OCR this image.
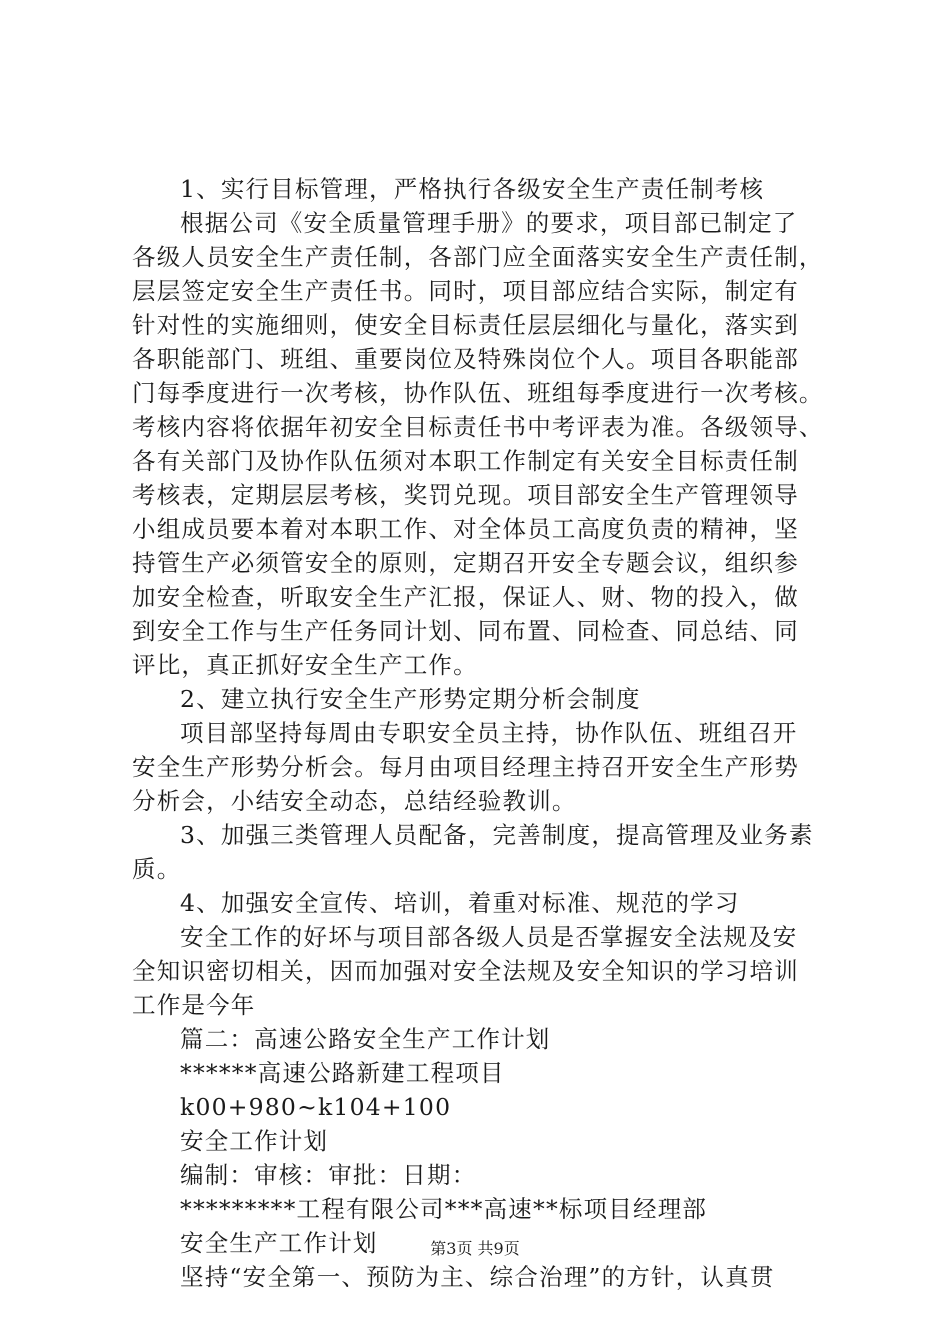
1、实行目标管理，严格执行各级安全生产责任制考核
根据公司《安全质量管理手册》的要求，项目部已制定了
各级人员安全生产责任制，各部门应全面落实安全生产责任制，
层层签定安全生产责任书。同时，项目部应结合实际，制定有
针对性的实施细则，使安全目标责任层层细化与量化，落实到
各职能部门、班组、重要岗位及特殊岗位个人。项目各职能部
门每季度进行一次考核，协作队伍、班组每季度进行一次考核。
考核内容将依据年初安全目标责任书中考评表为准。各级领导、
各有关部门及协作队伍须对本职工作制定有关安全目标责任制
考核表，定期层层考核，奖罚兑现。项目部安全生产管理领导
小组成员要本着对本职工作、对全体员工高度负责的精神，坚
持管生产必须管安全的原则，定期召开安全专题会议，组织参
加安全检查，听取安全生产汇报，保证人、财、物的投入，做
到安全工作与生产任务同计划、同布置、同检查、同总结、同
评比，真正抓好安全生产工作。
2、建立执行安全生产形势定期分析会制度
项目部坚持每周由专职安全员主持，协作队伍、班组召开
安全生产形势分析会。每月由项目经理主持召开安全生产形势
分析会，小结安全动态，总结经验教训。
3、加强三类管理人员配备，完善制度，提高管理及业务素
质。
4、加强安全宣传、培训，着重对标准、规范的学习
安全工作的好坏与项目部各级人员是否掌握安全法规及安
全知识密切相关，因而加强对安全法规及安全知识的学习培训
工作是今年
篇二：高速公路安全生产工作计划
******高速公路新建工程项目
k00+980~k104+100
安全工作计划
编制：审核：审批：日期：
*********工程有限公司***高速**标项目经理部
安全生产工作计划
坚持“安全第一、预防为主、综合治理”的方针，认真贯
第3页 共9页
